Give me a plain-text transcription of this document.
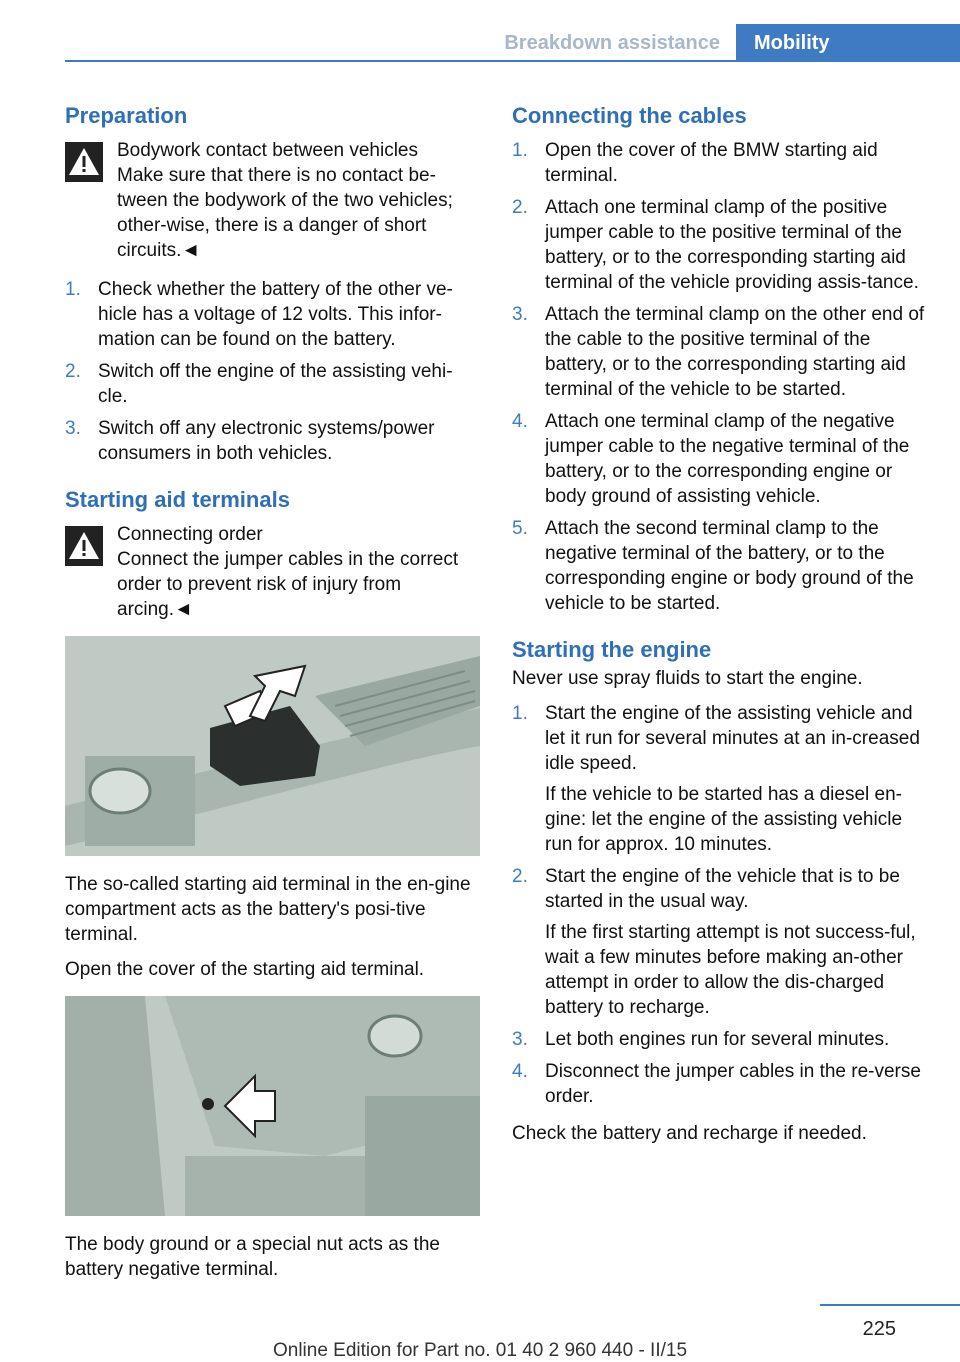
Breakdown assistance	Mobility
Preparation
Bodywork contact between vehicles
Make sure that there is no contact be-tween the bodywork of the two vehicles; other-wise, there is a danger of short circuits.◄
1. Check whether the battery of the other ve-hicle has a voltage of 12 volts. This infor-mation can be found on the battery.
2. Switch off the engine of the assisting vehi-cle.
3. Switch off any electronic systems/power consumers in both vehicles.
Starting aid terminals
Connecting order
Connect the jumper cables in the correct order to prevent risk of injury from arcing.◄

The so-called starting aid terminal in the en-gine compartment acts as the battery's posi-tive terminal.

Open the cover of the starting aid terminal.

The body ground or a special nut acts as the battery negative terminal.

Connecting the cables
1. Open the cover of the BMW starting aid terminal.
2. Attach one terminal clamp of the positive jumper cable to the positive terminal of the battery, or to the corresponding starting aid terminal of the vehicle providing assis-tance.
3. Attach the terminal clamp on the other end of the cable to the positive terminal of the battery, or to the corresponding starting aid terminal of the vehicle to be started.
4. Attach one terminal clamp of the negative jumper cable to the negative terminal of the battery, or to the corresponding engine or body ground of assisting vehicle.
5. Attach the second terminal clamp to the negative terminal of the battery, or to the corresponding engine or body ground of the vehicle to be started.
Starting the engine

Never use spray fluids to start the engine.

1. Start the engine of the assisting vehicle and let it run for several minutes at an in-creased idle speed.

If the vehicle to be started has a diesel en-gine: let the engine of the assisting vehicle run for approx. 10 minutes.

2. Start the engine of the vehicle that is to be started in the usual way.

If the first starting attempt is not success-ful, wait a few minutes before making an-other attempt in order to allow the dis-charged battery to recharge.

3. Let both engines run for several minutes.
4. Disconnect the jumper cables in the re-verse order.

Check the battery and recharge if needed.

225
Online Edition for Part no. 01 40 2 960 440 - II/15
